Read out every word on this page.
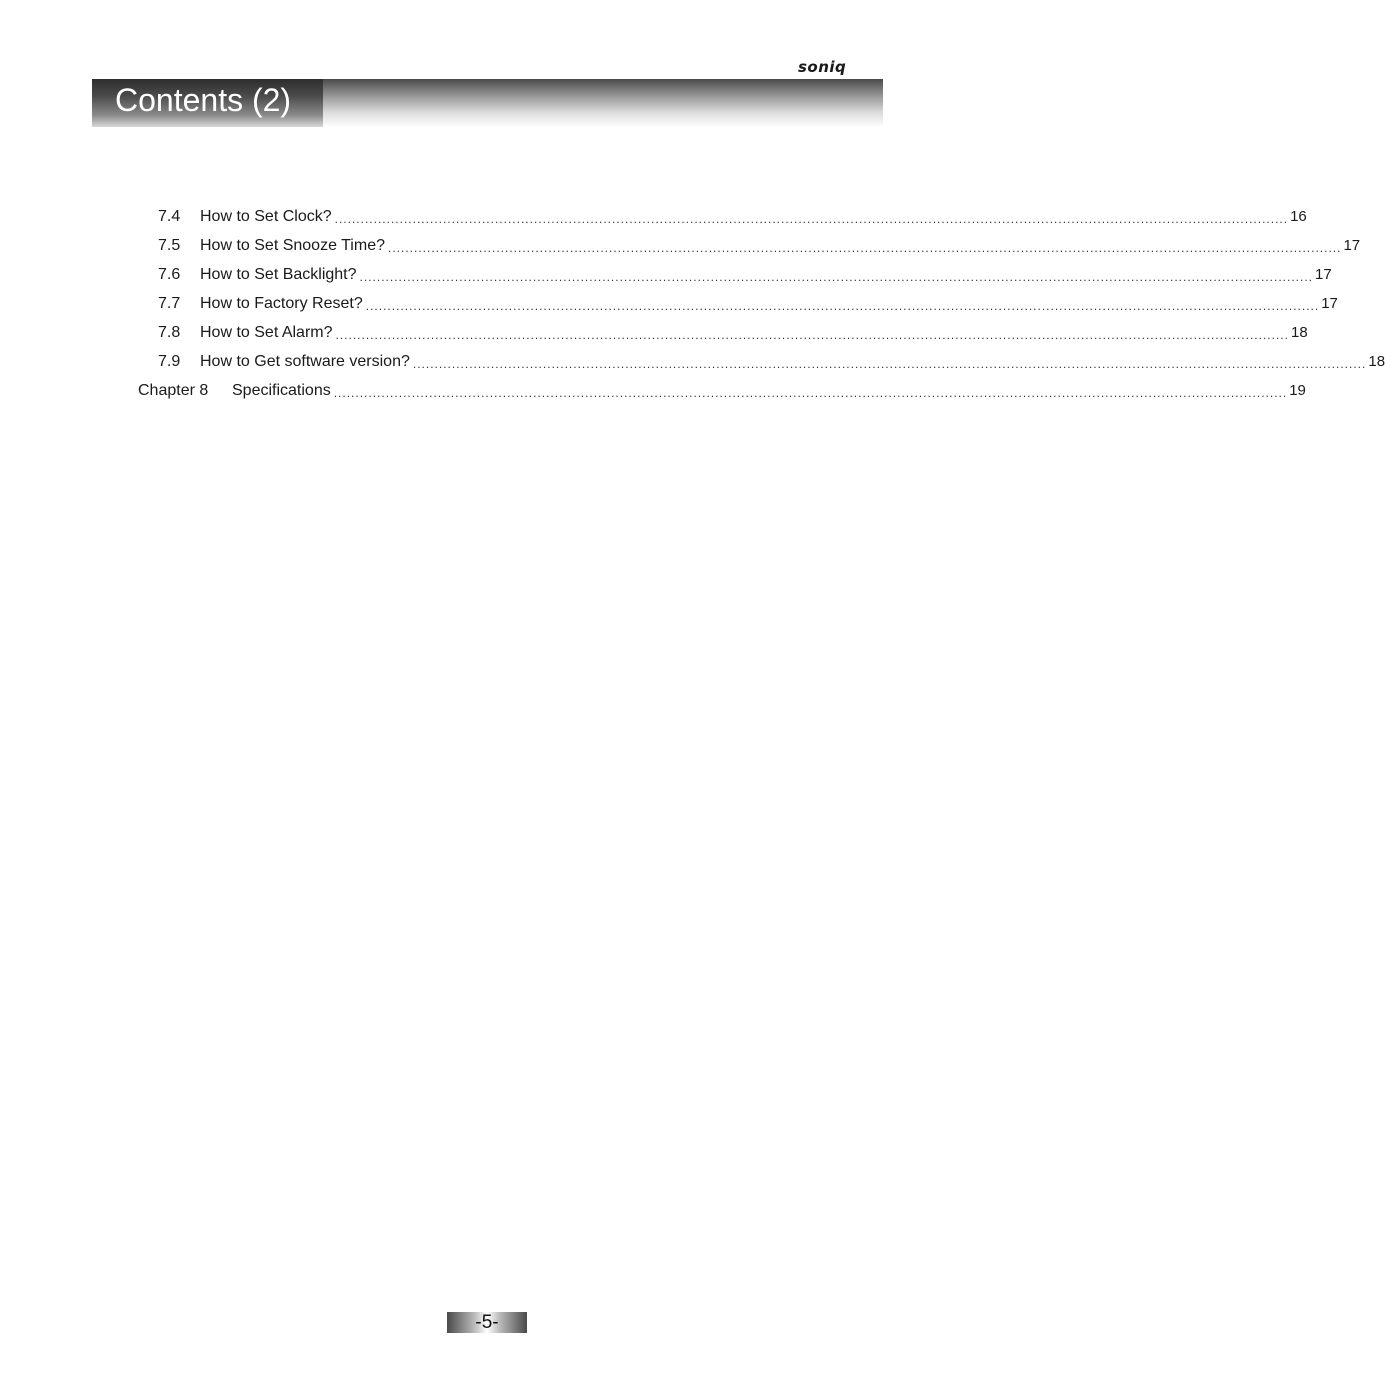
soniq
Contents (2)
7.4	How to Set Clock? ............................................................................................................................................................................................................................ 16
7.5	How to Set Snooze Time? ............................................................................................................................................................................................................................ 17
7.6	How to Set Backlight? ............................................................................................................................................................................................................................ 17
7.7	How to Factory Reset? ............................................................................................................................................................................................................................ 17
7.8	How to Set Alarm? ............................................................................................................................................................................................................................ 18
7.9	How to Get software version? ............................................................................................................................................................................................................................ 18
Chapter 8	Specifications ............................................................................................................................................................................................................................ 19
-5-
